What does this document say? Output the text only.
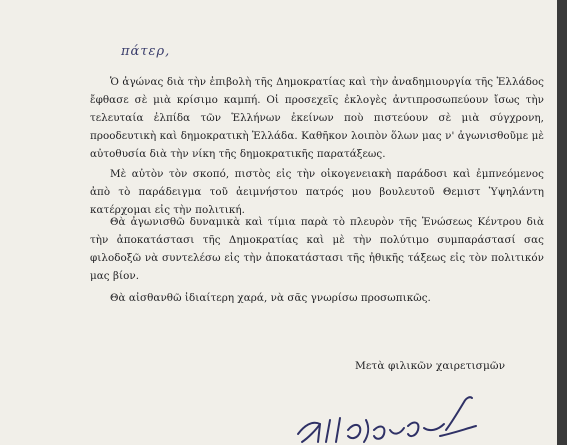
πάτερ,

Ὁ ἀγώνας διὰ τὴν ἐπιβολὴ τῆς Δημοκρατίας καὶ τὴν ἀναδημιουργία τῆς Ἑλλάδος ἔφθασε σὲ μιὰ κρίσιμο καμπή. Οἱ προσεχεῖς ἐκλογὲς ἀντιπροσωπεύουν ἴσως τὴν τελευταία ἐλπίδα τῶν Ἑλλήνων ἐκείνων ποὺ πιστεύουν σὲ μιὰ σύγχρονη, προοδευτικὴ καὶ δημοκρατικὴ Ἑλλάδα. Καθῆκον λοιπὸν ὅλων μας ν' ἀγωνισθοῦμε μὲ αὐτοθυσία διὰ τὴν νίκη τῆς δημοκρατικῆς παρατάξεως.

Μὲ αὐτὸν τὸν σκοπό, πιστὸς εἰς τὴν οἰκογενειακὴ παράδοσι καὶ ἐμπνεόμενος ἀπὸ τὸ παράδειγμα τοῦ ἀειμνήστου πατρός μου βουλευτοῦ Θεμιστ Ὑψηλάντη κατέρχομαι εἰς τὴν πολιτική.

Θὰ ἀγωνισθῶ δυναμικὰ καὶ τίμια παρὰ τὸ πλευρὸν τῆς Ἑνώσεως Κέντρου διὰ τὴν ἀποκατάστασι τῆς Δημοκρατίας καὶ μὲ τὴν πολύτιμο συμπαράστασί σας φιλοδοξῶ νὰ συντελέσω εἰς τὴν ἀποκατάστασι τῆς ἠθικῆς τάξεως εἰς τὸν πολιτικόν μας βίον.

Θὰ αἰσθανθῶ ἰδιαίτερη χαρά, νὰ σᾶς γνωρίσω προσωπικῶς.

Μετὰ φιλικῶν χαιρετισμῶν
